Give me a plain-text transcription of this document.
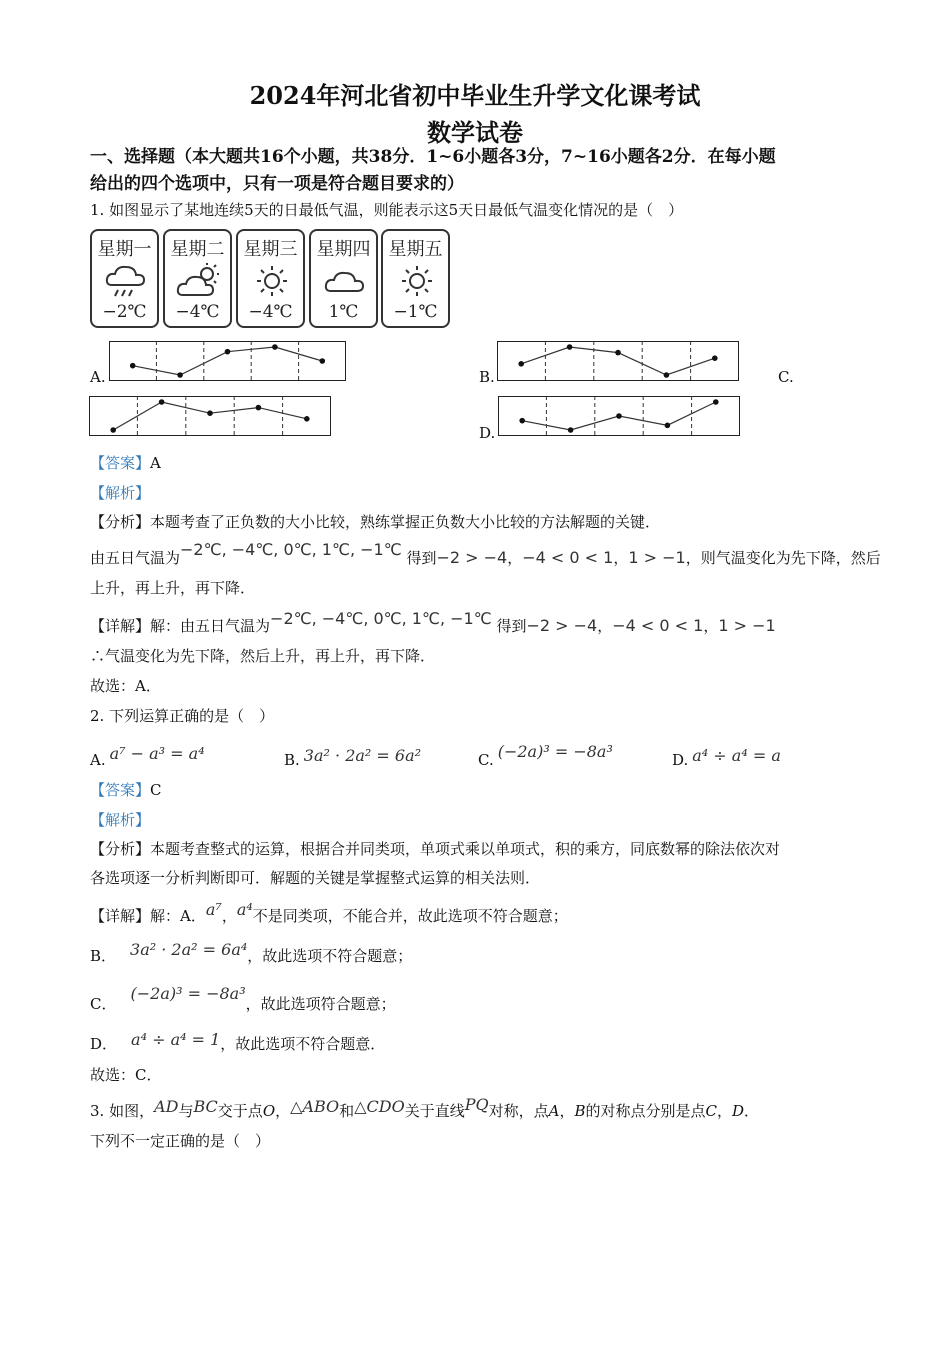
2024年河北省初中毕业生升学文化课考试
数学试卷
一、选择题（本大题共16个小题，共38分．1~6小题各3分，7~16小题各2分．在每小题
给出的四个选项中，只有一项是符合题目要求的）
1. 如图显示了某地连续5天的日最低气温，则能表示这5天日最低气温变化情况的是（　）
星期一
−2℃
星期二
−4℃
星期三
−4℃
星期四
1℃
星期五
−1℃
A.	B.	C.
D.
【答案】A
【解析】
【分析】本题考查了正负数的大小比较，熟练掌握正负数大小比较的方法解题的关键．
由五日气温为−2℃, −4℃, 0℃, 1℃, −1℃ 得到−2 > −4，−4 < 0 < 1，1 > −1，则气温变化为先下降，然后
上升，再上升，再下降．
【详解】解：由五日气温为−2℃, −4℃, 0℃, 1℃, −1℃ 得到−2 > −4，−4 < 0 < 1，1 > −1
∴气温变化为先下降，然后上升，再上升，再下降．
故选：A．
2. 下列运算正确的是（　）
A. a⁷ − a³ = a⁴	B. 3a² · 2a² = 6a²	C. (−2a)³ = −8a³	D. a⁴ ÷ a⁴ = a
【答案】C
【解析】
【分析】本题考查整式的运算，根据合并同类项，单项式乘以单项式，积的乘方，同底数幂的除法依次对
各选项逐一分析判断即可．解题的关键是掌握整式运算的相关法则．
【详解】解：A．a⁷，a⁴不是同类项，不能合并，故此选项不符合题意；
B． 3a² · 2a² = 6a⁴，故此选项不符合题意；
C．(−2a)³ = −8a³，故此选项符合题意；
D． a⁴ ÷ a⁴ = 1，故此选项不符合题意．
故选：C．
3. 如图，AD与BC交于点O，△ABO和△CDO关于直线PQ对称，点A，B的对称点分别是点C，D．
下列不一定正确的是（　）
